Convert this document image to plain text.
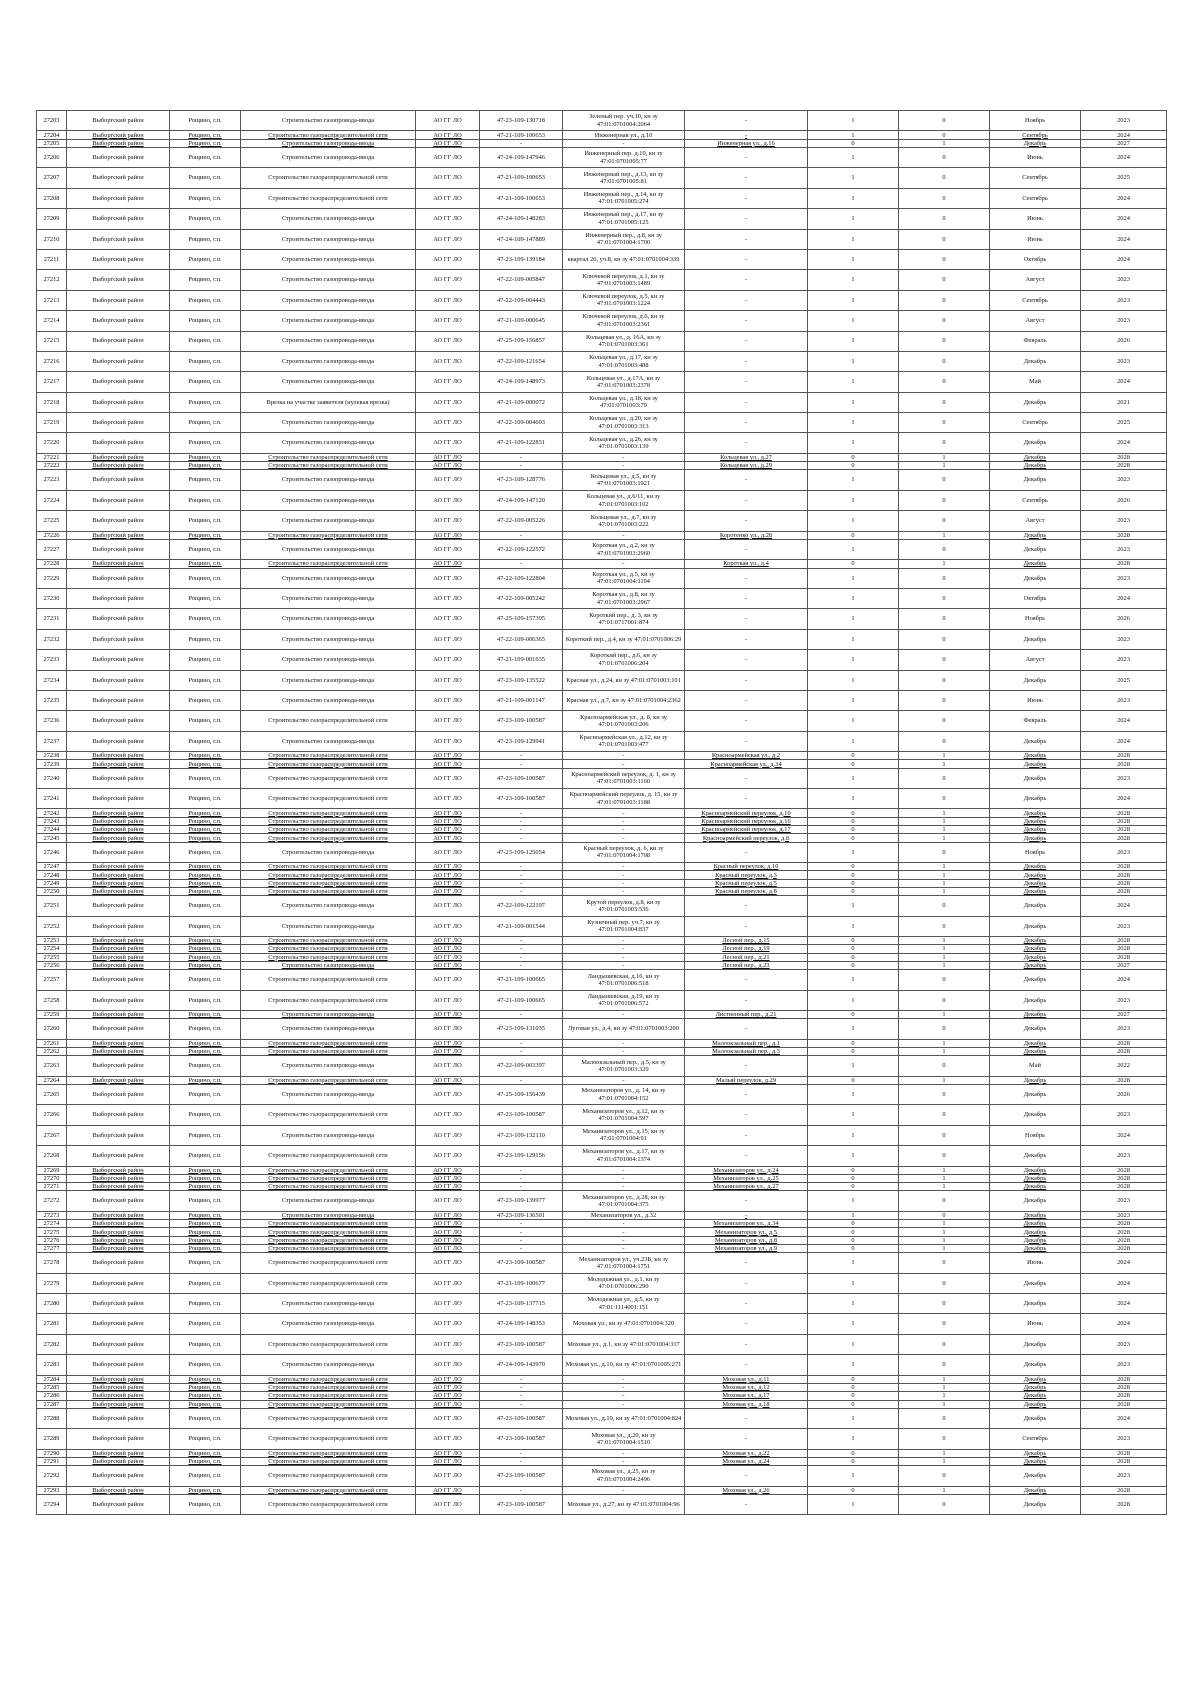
27203	Выборгский район	Рощино, г.п.	Строительство газопровода-ввода	АО ГГ ЛО	47-23-109-130718	Зеленый пер. уч.10, кн зу 47:01:0701004:2064	-	1	0	Ноябрь	2023
27204	Выборгский район	Рощино, г.п.	Строительство газораспределительной сети	АО ГГ ЛО	47-21-109-100653	Инженерная ул., д.10	-	1	0	Сентябрь	2024
27205	Выборгский район	Рощино, г.п.	Строительство газопровода-ввода	АО ГГ ЛО	-	-	Инженерная ул., д.16	0	1	Декабрь	2027
27206	Выборгский район	Рощино, г.п.	Строительство газопровода-ввода	АО ГГ ЛО	47-24-109-147946	Инженерный пер. д.10, кн зу 47:01:0701005:77	-	1	0	Июнь	2024
27207	Выборгский район	Рощино, г.п.	Строительство газораспределительной сети	АО ГГ ЛО	47-21-109-100653	Инженерный пер., д.13, кн зу 47:01:0701005:81	-	1	0	Сентябрь	2025
27208	Выборгский район	Рощино, г.п.	Строительство газораспределительной сети	АО ГГ ЛО	47-21-109-100653	Инженерный пер., д.14, кн зу 47:01:0701005:274	-	1	0	Сентябрь	2024
27209	Выборгский район	Рощино, г.п.	Строительство газопровода-ввода	АО ГГ ЛО	47-24-109-148283	Инженерный пер., д.17, кн зу 47:01:0701005:125	-	1	0	Июнь	2024
27210	Выборгский район	Рощино, г.п.	Строительство газопровода-ввода	АО ГГ ЛО	47-24-109-147889	Инженерный пер., д.8, кн зу 47:01:0701004:1700	-	1	0	Июнь	2024
27211	Выборгский район	Рощино, г.п.	Строительство газопровода-ввода	АО ГГ ЛО	47-23-109-139184	квартал 26, уч.8, кн зу 47:01:0701004:339	-	1	0	Октябрь	2024
27212	Выборгский район	Рощино, г.п.	Строительство газопровода-ввода	АО ГГ ЛО	47-22-109-005847	Ключевой переулок, д.1, кн зу 47:01:0701003:1489	-	1	0	Август	2023
27213	Выборгский район	Рощино, г.п.	Строительство газопровода-ввода	АО ГГ ЛО	47-22-109-004443	Ключевой переулок, д.5, кн зу 47:01:0701003:1224	-	1	0	Сентябрь	2023
27214	Выборгский район	Рощино, г.п.	Строительство газопровода-ввода	АО ГГ ЛО	47-21-109-000645	Ключевой переулок, д.6, кн зу 47:01:0701003:2361	-	1	0	Август	2023
27215	Выборгский район	Рощино, г.п.	Строительство газопровода-ввода	АО ГГ ЛО	47-25-109-156857	Кольцевая ул., д. 16А, кн зу 47:01:0701003:361	-	1	0	Февраль	2026
27216	Выборгский район	Рощино, г.п.	Строительство газопровода-ввода	АО ГГ ЛО	47-22-109-121654	Кольцевая ул., д.17, кн зу 47:01:0701003:488	-	1	0	Декабрь	2023
27217	Выборгский район	Рощино, г.п.	Строительство газопровода-ввода	АО ГГ ЛО	47-24-109-148973	Кольцевая ул., д.17А, кн зу 47:01:0701003:2378	-	1	0	Май	2024
27218	Выборгский район	Рощино, г.п.	Врезка на участке заявителя (нулевая врезка)	АО ГГ ЛО	47-21-109-000072	Кольцевая ул., д.18, кн зу 47:01:0701003:79	-	1	0	Декабрь	2021
27219	Выборгский район	Рощино, г.п.	Строительство газопровода-ввода	АО ГГ ЛО	47-22-109-004693	Кольцевая ул., д.20, кн зу 47:01:0701003:313	-	1	0	Сентябрь	2025
27220	Выборгский район	Рощино, г.п.	Строительство газопровода-ввода	АО ГГ ЛО	47-21-109-122831	Кольцевая ул., д.26, кн зу 47:01:0701003:139	-	1	0	Декабрь	2024
27221	Выборгский район	Рощино, г.п.	Строительство газораспределительной сети	АО ГГ ЛО	-	-	Кольцевая ул., д.27	0	1	Декабрь	2028
27222	Выборгский район	Рощино, г.п.	Строительство газораспределительной сети	АО ГГ ЛО	-	-	Кольцевая ул., д.29	0	1	Декабрь	2028
27223	Выборгский район	Рощино, г.п.	Строительство газопровода-ввода	АО ГГ ЛО	47-23-109-128776	Кольцевая ул., д.5, кн зу 47:01:0701003:1921	-	1	0	Декабрь	2023
27224	Выборгский район	Рощино, г.п.	Строительство газопровода-ввода	АО ГГ ЛО	47-24-109-147120	Кольцевая ул., д.6/11, кн зу 47:01:0701003:102	-	1	0	Сентябрь	2026
27225	Выборгский район	Рощино, г.п.	Строительство газопровода-ввода	АО ГГ ЛО	47-22-109-005226	Кольцевая ул., д.7, кн зу 47:01:0701003:222	-	1	0	Август	2023
27226	Выборгский район	Рощино, г.п.	Строительство газораспределительной сети	АО ГГ ЛО	-	-	Коротенко ул., д.28	0	1	Декабрь	2028
27227	Выборгский район	Рощино, г.п.	Строительство газопровода-ввода	АО ГГ ЛО	47-22-109-122572	Короткая ул., д.2, кн зу 47:01:0701003:2960	-	1	0	Декабрь	2023
27228	Выборгский район	Рощино, г.п.	Строительство газораспределительной сети	АО ГГ ЛО	-	-	Короткая ул., д.4	0	1	Декабрь	2028
27229	Выборгский район	Рощино, г.п.	Строительство газопровода-ввода	АО ГГ ЛО	47-22-109-122804	Короткая ул., д.5, кн зу 47:01:0701004:1194	-	1	0	Декабрь	2023
27230	Выборгский район	Рощино, г.п.	Строительство газопровода-ввода	АО ГГ ЛО	47-22-109-005242	Короткая ул., д.8, кн зу 47:01:0701003:2967	-	1	0	Октябрь	2024
27231	Выборгский район	Рощино, г.п.	Строительство газопровода-ввода	АО ГГ ЛО	47-25-109-157395	Короткий пер., д. 3, кн зу 47:01:0717001:874	-	1	0	Ноябрь	2026
27232	Выборгский район	Рощино, г.п.	Строительство газопровода-ввода	АО ГГ ЛО	47-22-109-006365	Короткий пер., д.4, кн зу 47:01:0701006:29	-	1	0	Декабрь	2023
27233	Выборгский район	Рощино, г.п.	Строительство газопровода-ввода	АО ГГ ЛО	47-21-109-001635	Короткий пер., д.6, кн зу 47:01:0701006:204	-	1	0	Август	2023
27234	Выборгский район	Рощино, г.п.	Строительство газопровода-ввода	АО ГГ ЛО	47-23-109-135522	Красная ул., д.24, кн зу 47:01:0701003:101	-	1	0	Декабрь	2025
27235	Выборгский район	Рощино, г.п.	Строительство газопровода-ввода	АО ГГ ЛО	47-21-109-001147	Красная ул., д.7, кн зу 47:01:0701004:2362	-	1	0	Июнь	2023
27236	Выборгский район	Рощино, г.п.	Строительство газораспределительной сети	АО ГГ ЛО	47-23-109-100587	Красноармейская ул., д. 8, кн зу 47:01:0701003:206	-	1	0	Февраль	2024
27237	Выборгский район	Рощино, г.п.	Строительство газопровода-ввода	АО ГГ ЛО	47-23-109-129941	Красноармейская ул., д.12, кн зу 47:01:0701003:477	-	1	0	Декабрь	2024
27238	Выборгский район	Рощино, г.п.	Строительство газораспределительной сети	АО ГГ ЛО	-	-	Красноармейская ул., д.2	0	1	Декабрь	2028
27239	Выборгский район	Рощино, г.п.	Строительство газораспределительной сети	АО ГГ ЛО	-	-	Красноармейская ул., д.34	0	1	Декабрь	2028
27240	Выборгский район	Рощино, г.п.	Строительство газораспределительной сети	АО ГГ ЛО	47-23-109-100587	Красноармейский переулок, д. 1, кн зу 47:01:0701003:1160	-	1	0	Декабрь	2023
27241	Выборгский район	Рощино, г.п.	Строительство газораспределительной сети	АО ГГ ЛО	47-23-109-100587	Красноармейский переулок, д. 15, кн зу 47:01:0701003:1188	-	1	0	Декабрь	2024
27242	Выборгский район	Рощино, г.п.	Строительство газораспределительной сети	АО ГГ ЛО	-	-	Красноармейский переулок, д.10	0	1	Декабрь	2028
27243	Выборгский район	Рощино, г.п.	Строительство газораспределительной сети	АО ГГ ЛО	-	-	Красноармейский переулок, д.16	0	1	Декабрь	2028
27244	Выборгский район	Рощино, г.п.	Строительство газораспределительной сети	АО ГГ ЛО	-	-	Красноармейский переулок, д.17	0	1	Декабрь	2028
27245	Выборгский район	Рощино, г.п.	Строительство газораспределительной сети	АО ГГ ЛО	-	-	Красноармейский переулок, д.8	0	1	Декабрь	2028
27246	Выборгский район	Рощино, г.п.	Строительство газопровода-ввода	АО ГГ ЛО	47-23-109-125054	Красный переулок, д. 6, кн зу 47:01:0701004:1708	-	1	0	Ноябрь	2023
27247	Выборгский район	Рощино, г.п.	Строительство газораспределительной сети	АО ГГ ЛО	-	-	Красный переулок, д.10	0	1	Декабрь	2028
27248	Выборгский район	Рощино, г.п.	Строительство газораспределительной сети	АО ГГ ЛО	-	-	Красный переулок, д.3	0	1	Декабрь	2028
27249	Выборгский район	Рощино, г.п.	Строительство газораспределительной сети	АО ГГ ЛО	-	-	Красный переулок, д.5	0	1	Декабрь	2028
27250	Выборгский район	Рощино, г.п.	Строительство газораспределительной сети	АО ГГ ЛО	-	-	Красный переулок, д.8	0	1	Декабрь	2028
27251	Выборгский район	Рощино, г.п.	Строительство газопровода-ввода	АО ГГ ЛО	47-22-109-122197	Крутой переулок, д.8, кн зу 47:01:0701003:536	-	1	0	Декабрь	2024
27252	Выборгский район	Рощино, г.п.	Строительство газопровода-ввода	АО ГГ ЛО	47-21-109-001544	Кузнечный пер. уч.7, кн зу 47:01:0701004:837	-	1	0	Декабрь	2023
27253	Выборгский район	Рощино, г.п.	Строительство газораспределительной сети	АО ГГ ЛО	-	-	Лесной пер., д.15	0	1	Декабрь	2028
27254	Выборгский район	Рощино, г.п.	Строительство газораспределительной сети	АО ГГ ЛО	-	-	Лесной пер., д.19	0	1	Декабрь	2028
27255	Выборгский район	Рощино, г.п.	Строительство газораспределительной сети	АО ГГ ЛО	-	-	Лесной пер., д.21	0	1	Декабрь	2028
27256	Выборгский район	Рощино, г.п.	Строительство газопровода-ввода	АО ГГ ЛО	-	-	Лесной пер., д.23	0	1	Декабрь	2027
27257	Выборгский район	Рощино, г.п.	Строительство газораспределительной сети	АО ГГ ЛО	47-21-109-100665	Ландышевская, д.16, кн зу 47:01:0701006:518	-	1	0	Декабрь	2024
27258	Выборгский район	Рощино, г.п.	Строительство газораспределительной сети	АО ГГ ЛО	47-21-109-100665	Ландышевская, д.19, кн зу 47:01:0701006:572	-	1	0	Декабрь	2023
27259	Выборгский район	Рощино, г.п.	Строительство газопровода-ввода	АО ГГ ЛО	-	-	Лиственный пер., д.21	0	1	Декабрь	2027
27260	Выборгский район	Рощино, г.п.	Строительство газопровода-ввода	АО ГГ ЛО	47-23-109-131035	Луговая ул., д.4, кн зу 47:01:0701003:200	-	1	0	Декабрь	2023
27261	Выборгский район	Рощино, г.п.	Строительство газораспределительной сети	АО ГГ ЛО	-	-	Малоокзальный пер., д.1	0	1	Декабрь	2028
27262	Выборгский район	Рощино, г.п.	Строительство газораспределительной сети	АО ГГ ЛО	-	-	Малоокзальный пер., д.3	0	1	Декабрь	2028
27263	Выборгский район	Рощино, г.п.	Строительство газопровода-ввода	АО ГГ ЛО	47-22-109-003397	Малоокзальный пер., д.5, кн зу 47:01:0701003:320	-	1	0	Май	2022
27264	Выборгский район	Рощино, г.п.	Строительство газораспределительной сети	АО ГГ ЛО	-	-	Малый переулок, д.29	0	1	Декабрь	2028
27265	Выборгский район	Рощино, г.п.	Строительство газопровода-ввода	АО ГГ ЛО	47-25-109-156439	Механизаторов ул., д. 14, кн зу 47:01:0701004:152	-	1	0	Декабрь	2026
27266	Выборгский район	Рощино, г.п.	Строительство газораспределительной сети	АО ГГ ЛО	47-23-109-100587	Механизаторов ул., д.12, кн зу 47:01:0701004:597	-	1	0	Декабрь	2023
27267	Выборгский район	Рощино, г.п.	Строительство газопровода-ввода	АО ГГ ЛО	47-23-109-132110	Механизаторов ул., д.15, кн зу 47:01:0701004:91	-	1	0	Ноябрь	2024
27268	Выборгский район	Рощино, г.п.	Строительство газораспределительной сети	АО ГГ ЛО	47-23-109-129156	Механизаторов ул., д.17, кн зу 47:01:0701004:1374	-	1	0	Декабрь	2023
27269	Выборгский район	Рощино, г.п.	Строительство газораспределительной сети	АО ГГ ЛО	-	-	Механизаторов ул., д.24	0	1	Декабрь	2028
27270	Выборгский район	Рощино, г.п.	Строительство газораспределительной сети	АО ГГ ЛО	-	-	Механизаторов ул., д.25	0	1	Декабрь	2028
27271	Выборгский район	Рощино, г.п.	Строительство газораспределительной сети	АО ГГ ЛО	-	-	Механизаторов ул., д.27	0	1	Декабрь	2028
27272	Выборгский район	Рощино, г.п.	Строительство газопровода-ввода	АО ГГ ЛО	47-23-109-139977	Механизаторов ул., д.28, кн зу 47:01:0701004:375	-	1	0	Декабрь	2023
27273	Выборгский район	Рощино, г.п.	Строительство газопровода-ввода	АО ГГ ЛО	47-23-109-136501	Механизаторов ул., д.32	-	1	0	Декабрь	2023
27274	Выборгский район	Рощино, г.п.	Строительство газораспределительной сети	АО ГГ ЛО	-	-	Механизаторов ул., д.34	0	1	Декабрь	2028
27275	Выборгский район	Рощино, г.п.	Строительство газораспределительной сети	АО ГГ ЛО	-	-	Механизаторов ул., д.5	0	1	Декабрь	2028
27276	Выборгский район	Рощино, г.п.	Строительство газораспределительной сети	АО ГГ ЛО	-	-	Механизаторов ул., д.8	0	1	Декабрь	2028
27277	Выборгский район	Рощино, г.п.	Строительство газораспределительной сети	АО ГГ ЛО	-	-	Механизаторов ул., д.9	0	1	Декабрь	2028
27278	Выборгский район	Рощино, г.п.	Строительство газораспределительной сети	АО ГГ ЛО	47-23-109-100587	Механизаторов ул., уч.23Б, кн зу 47:01:0701004:1751	-	1	0	Июнь	2024
27279	Выборгский район	Рощино, г.п.	Строительство газораспределительной сети	АО ГГ ЛО	47-21-109-100677	Молодежная ул., д.1, кн зу 47:01:0701006:290	-	1	0	Декабрь	2024
27280	Выборгский район	Рощино, г.п.	Строительство газопровода-ввода	АО ГГ ЛО	47-23-109-137715	Молодежная ул., д.5, кн зу 47:01:1114001:151	-	1	0	Декабрь	2024
27281	Выборгский район	Рощино, г.п.	Строительство газопровода-ввода	АО ГГ ЛО	47-24-109-148353	Моховая ул., кн зу 47:01:0701004:320	-	1	0	Июнь	2024
27282	Выборгский район	Рощино, г.п.	Строительство газораспределительной сети	АО ГГ ЛО	47-23-109-100587	Моховая ул., д.1, кн зу 47:01:0701004:317	-	1	0	Декабрь	2023
27283	Выборгский район	Рощино, г.п.	Строительство газопровода-ввода	АО ГГ ЛО	47-24-109-143970	Моховая ул., д.10, кн зу 47:01:0701005:271	-	1	0	Декабрь	2023
27284	Выборгский район	Рощино, г.п.	Строительство газораспределительной сети	АО ГГ ЛО	-	-	Моховая ул., д.11	0	1	Декабрь	2028
27285	Выборгский район	Рощино, г.п.	Строительство газораспределительной сети	АО ГГ ЛО	-	-	Моховая ул., д.12	0	1	Декабрь	2028
27286	Выборгский район	Рощино, г.п.	Строительство газораспределительной сети	АО ГГ ЛО	-	-	Моховая ул., д.17	0	1	Декабрь	2028
27287	Выборгский район	Рощино, г.п.	Строительство газораспределительной сети	АО ГГ ЛО	-	-	Моховая ул., д.18	0	1	Декабрь	2028
27288	Выборгский район	Рощино, г.п.	Строительство газораспределительной сети	АО ГГ ЛО	47-23-109-100587	Моховая ул., д.19, кн зу 47:01:0701004:824	-	1	0	Декабрь	2024
27289	Выборгский район	Рощино, г.п.	Строительство газораспределительной сети	АО ГГ ЛО	47-23-109-100587	Моховая ул., д.20, кн зу 47:01:0701004:1510	-	1	0	Сентябрь	2023
27290	Выборгский район	Рощино, г.п.	Строительство газораспределительной сети	АО ГГ ЛО	-	-	Моховая ул., д.22	0	1	Декабрь	2028
27291	Выборгский район	Рощино, г.п.	Строительство газораспределительной сети	АО ГГ ЛО	-	-	Моховая ул., д.24	0	1	Декабрь	2028
27292	Выборгский район	Рощино, г.п.	Строительство газораспределительной сети	АО ГГ ЛО	47-23-109-100587	Моховая ул., д.25, кн зу 47:01:0701004:2496	-	1	0	Декабрь	2023
27293	Выборгский район	Рощино, г.п.	Строительство газораспределительной сети	АО ГГ ЛО	-	-	Моховая ул., д.26	0	1	Декабрь	2028
27294	Выборгский район	Рощино, г.п.	Строительство газораспределительной сети	АО ГГ ЛО	47-23-109-100587	Моховая ул., д.27, кн зу 47:01:0701004:96	-	1	0	Декабрь	2028
